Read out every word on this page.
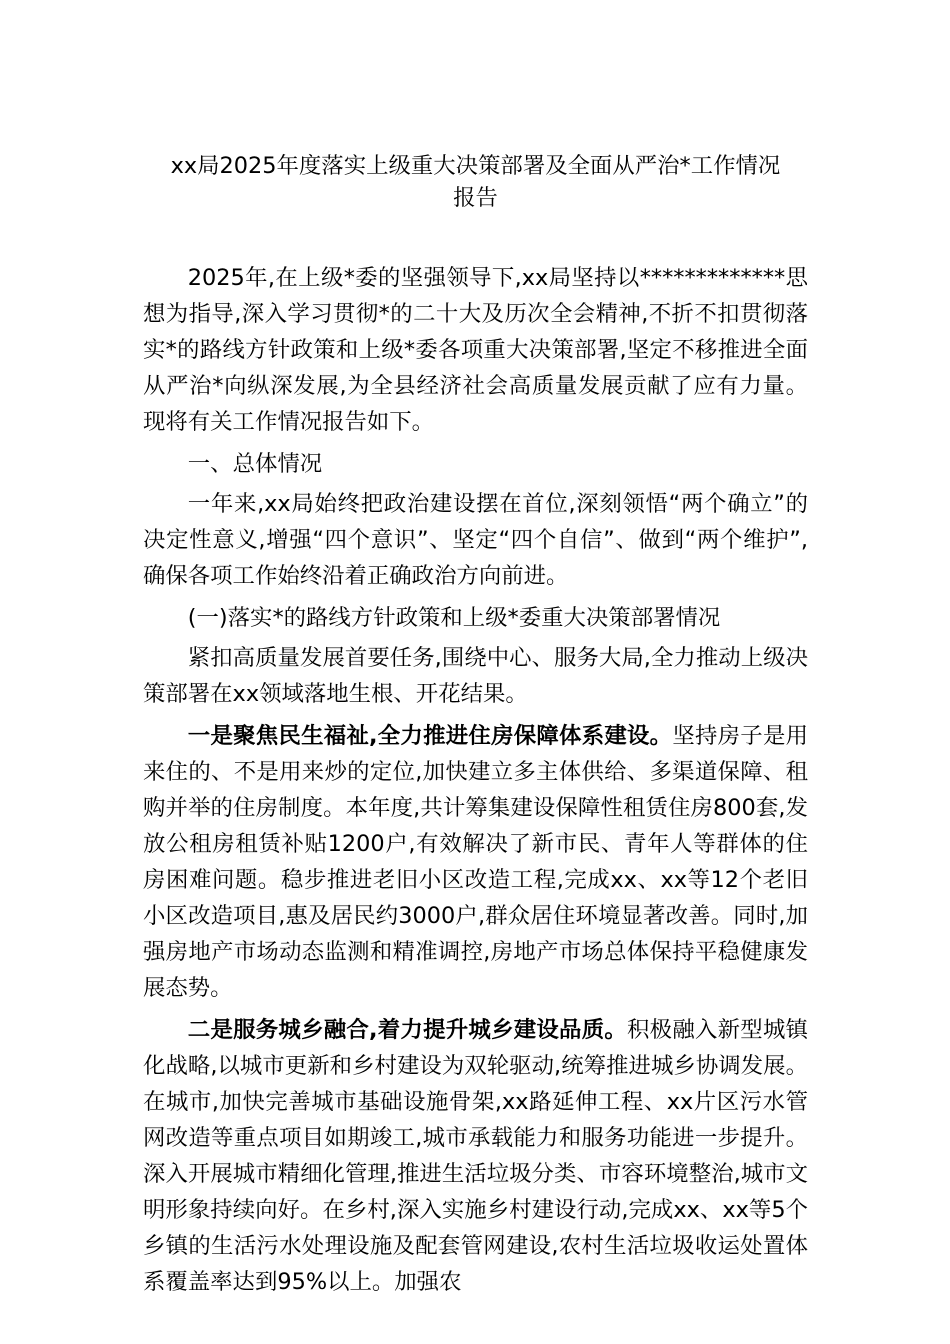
xx局2025年度落实上级重大决策部署及全面从严治*工作情况
报告

2025年,在上级*委的坚强领导下,xx局坚持以*************思想为指导,深入学习贯彻*的二十大及历次全会精神,不折不扣贯彻落实*的路线方针政策和上级*委各项重大决策部署,坚定不移推进全面从严治*向纵深发展,为全县经济社会高质量发展贡献了应有力量。现将有关工作情况报告如下。

一、总体情况

一年来,xx局始终把政治建设摆在首位,深刻领悟“两个确立”的决定性意义,增强“四个意识”、坚定“四个自信”、做到“两个维护”,确保各项工作始终沿着正确政治方向前进。

(一)落实*的路线方针政策和上级*委重大决策部署情况

紧扣高质量发展首要任务,围绕中心、服务大局,全力推动上级决策部署在xx领域落地生根、开花结果。

一是聚焦民生福祉,全力推进住房保障体系建设。坚持房子是用来住的、不是用来炒的定位,加快建立多主体供给、多渠道保障、租购并举的住房制度。本年度,共计筹集建设保障性租赁住房800套,发放公租房租赁补贴1200户,有效解决了新市民、青年人等群体的住房困难问题。稳步推进老旧小区改造工程,完成xx、xx等12个老旧小区改造项目,惠及居民约3000户,群众居住环境显著改善。同时,加强房地产市场动态监测和精准调控,房地产市场总体保持平稳健康发展态势。

二是服务城乡融合,着力提升城乡建设品质。积极融入新型城镇化战略,以城市更新和乡村建设为双轮驱动,统筹推进城乡协调发展。在城市,加快完善城市基础设施骨架,xx路延伸工程、xx片区污水管网改造等重点项目如期竣工,城市承载能力和服务功能进一步提升。深入开展城市精细化管理,推进生活垃圾分类、市容环境整治,城市文明形象持续向好。在乡村,深入实施乡村建设行动,完成xx、xx等5个乡镇的生活污水处理设施及配套管网建设,农村生活垃圾收运处置体系覆盖率达到95%以上。加强农
